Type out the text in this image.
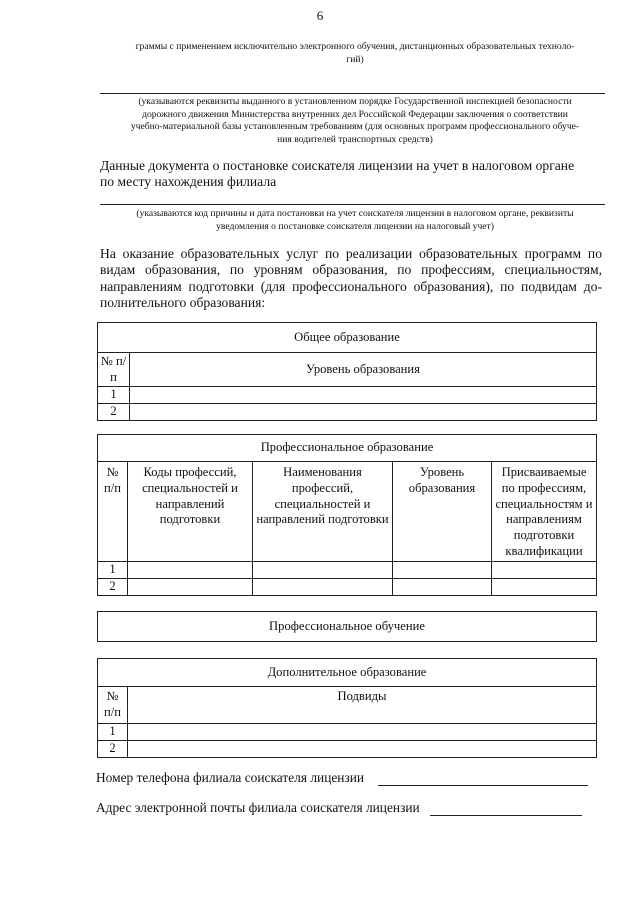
6
граммы с применением исключительно электронного обучения, дистанционных образовательных техноло-
гий)
(указываются реквизиты выданного в установленном порядке Государственной инспекцией безопасности
дорожного движения Министерства внутренних дел Российской Федерации заключения о соответствии
учебно-материальной базы установленным требованиям (для основных программ профессионального обуче-
ния водителей транспортных средств)
Данные документа о постановке соискателя лицензии на учет в налоговом органе
по месту нахождения филиала
(указываются код причины и дата постановки на учет соискателя лицензии в налоговом органе, реквизиты
уведомления о постановке соискателя лицензии на налоговый учет)
На оказание образовательных услуг по реализации образовательных программ по
видам образования, по уровням образования, по профессиям, специальностям,
направлениям подготовки (для профессионального образования), по подвидам до-
полнительного образования:
Общее образование	
№ п/п	Уровень образования
1	
2	
Профессиональное образование				
№ п/п	Коды профессий, специальностей и направлений подготовки	Наименования профессий, специальностей и направлений подготовки	Уровень образования	Присваиваемые по профессиям, специальностям и направлениям подготовки квалификации
1				
2				
Профессиональное обучение
Дополнительное образование	
№ п/п	Подвиды
1	
2	
Номер телефона филиала соискателя лицензии
Адрес электронной почты филиала соискателя лицензии
